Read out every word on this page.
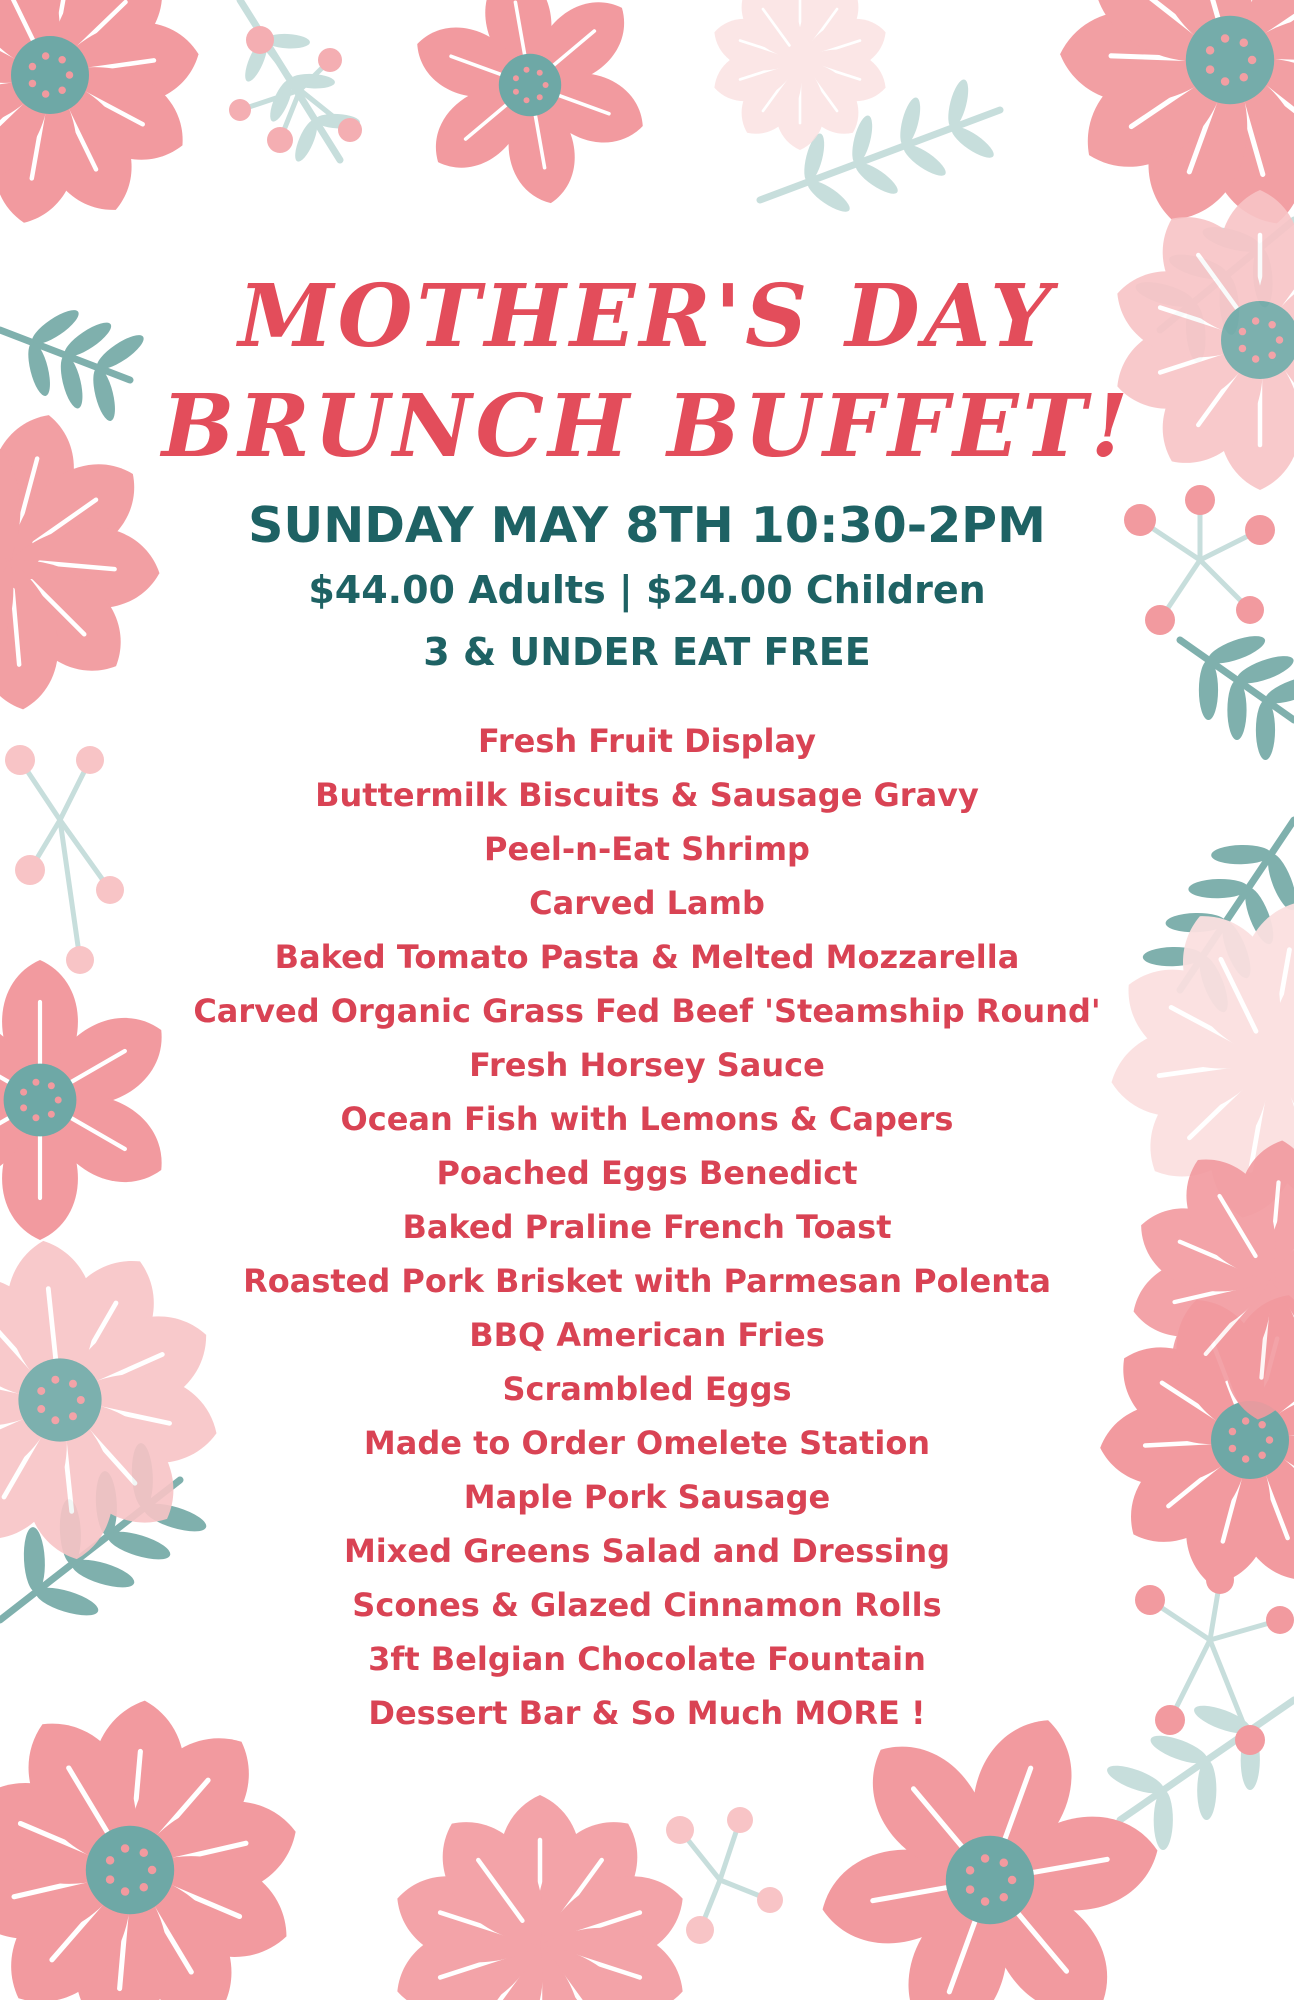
MOTHER'S DAY
BRUNCH BUFFET!

SUNDAY MAY 8TH 10:30-2PM

$44.00 Adults | $24.00 Children

3 & UNDER EAT FREE

Fresh Fruit Display
Buttermilk Biscuits & Sausage Gravy
Peel-n-Eat Shrimp
Carved Lamb
Baked Tomato Pasta & Melted Mozzarella
Carved Organic Grass Fed Beef 'Steamship Round'
Fresh Horsey Sauce
Ocean Fish with Lemons & Capers
Poached Eggs Benedict
Baked Praline French Toast
Roasted Pork Brisket with Parmesan Polenta
BBQ American Fries
Scrambled Eggs
Made to Order Omelete Station
Maple Pork Sausage
Mixed Greens Salad and Dressing
Scones & Glazed Cinnamon Rolls
3ft Belgian Chocolate Fountain
Dessert Bar & So Much MORE !
